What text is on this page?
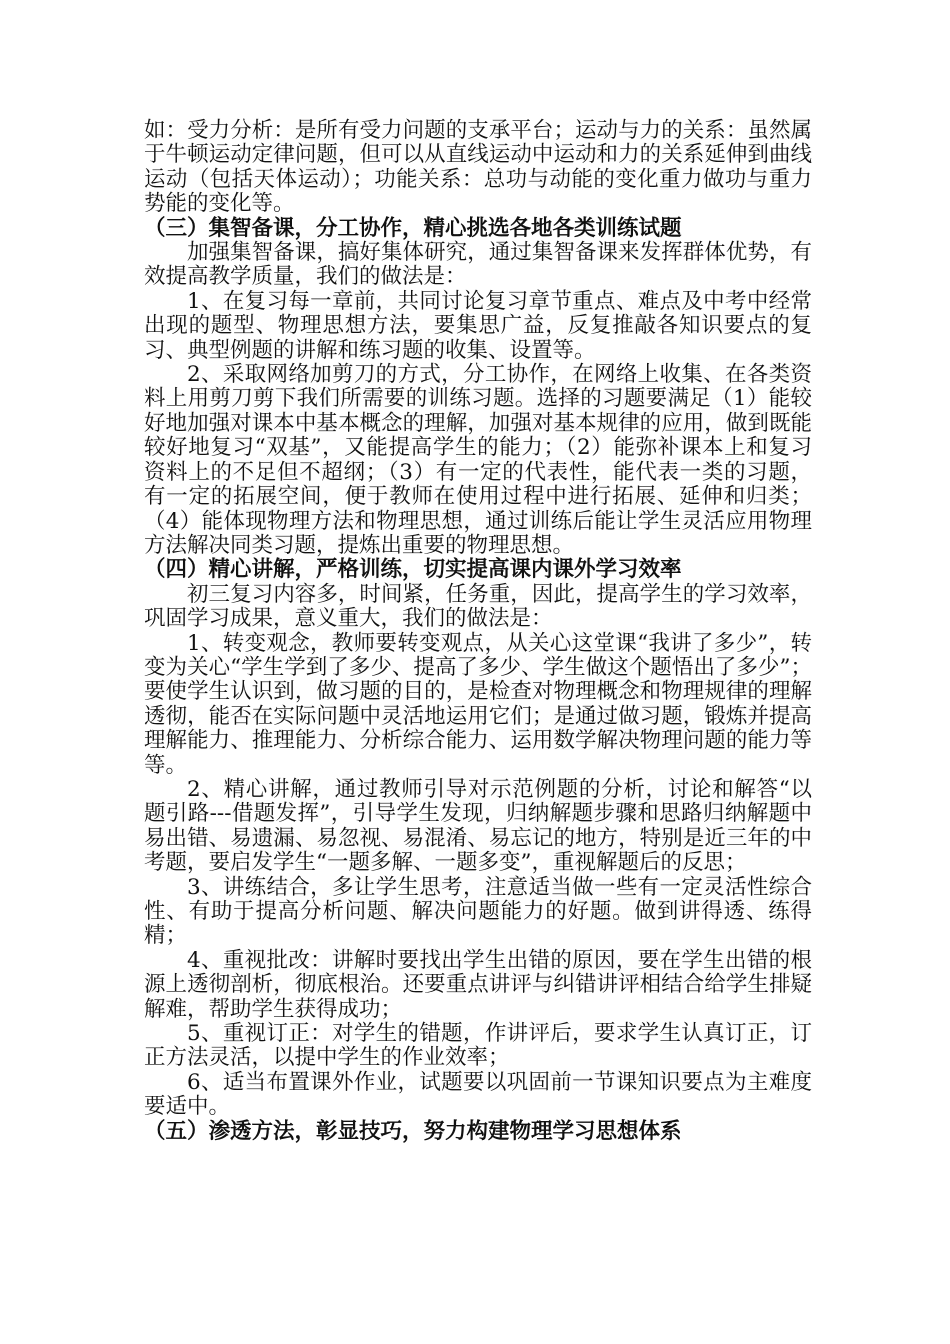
如：受力分析：是所有受力问题的支承平台；运动与力的关系：虽然属于牛顿运动定律问题，但可以从直线运动中运动和力的关系延伸到曲线运动（包括天体运动）；功能关系：总功与动能的变化重力做功与重力势能的变化等。

（三）集智备课，分工协作，精心挑选各地各类训练试题

加强集智备课，搞好集体研究，通过集智备课来发挥群体优势，有效提高教学质量，我们的做法是：

1、在复习每一章前，共同讨论复习章节重点、难点及中考中经常出现的题型、物理思想方法，要集思广益，反复推敲各知识要点的复习、典型例题的讲解和练习题的收集、设置等。

2、采取网络加剪刀的方式，分工协作，在网络上收集、在各类资料上用剪刀剪下我们所需要的训练习题。选择的习题要满足（1）能较好地加强对课本中基本概念的理解，加强对基本规律的应用，做到既能较好地复习“双基”，又能提高学生的能力；（2）能弥补课本上和复习资料上的不足但不超纲；（3）有一定的代表性，能代表一类的习题，有一定的拓展空间，便于教师在使用过程中进行拓展、延伸和归类；（4）能体现物理方法和物理思想，通过训练后能让学生灵活应用物理方法解决同类习题，提炼出重要的物理思想。

（四）精心讲解，严格训练，切实提高课内课外学习效率

初三复习内容多，时间紧，任务重，因此，提高学生的学习效率，巩固学习成果，意义重大，我们的做法是：

1、转变观念，教师要转变观点，从关心这堂课“我讲了多少”，转变为关心“学生学到了多少、提高了多少、学生做这个题悟出了多少”；要使学生认识到，做习题的目的，是检查对物理概念和物理规律的理解透彻，能否在实际问题中灵活地运用它们；是通过做习题，锻炼并提高理解能力、推理能力、分析综合能力、运用数学解决物理问题的能力等等。

2、精心讲解，通过教师引导对示范例题的分析，讨论和解答“以题引路---借题发挥”，引导学生发现，归纳解题步骤和思路归纳解题中易出错、易遗漏、易忽视、易混淆、易忘记的地方，特别是近三年的中考题，要启发学生“一题多解、一题多变”，重视解题后的反思；

3、讲练结合，多让学生思考，注意适当做一些有一定灵活性综合性、有助于提高分析问题、解决问题能力的好题。做到讲得透、练得精；

4、重视批改：讲解时要找出学生出错的原因，要在学生出错的根源上透彻剖析，彻底根治。还要重点讲评与纠错讲评相结合给学生排疑解难，帮助学生获得成功；

5、重视订正：对学生的错题，作讲评后，要求学生认真订正，订正方法灵活，以提中学生的作业效率；

6、适当布置课外作业，试题要以巩固前一节课知识要点为主难度要适中。

（五）渗透方法，彰显技巧，努力构建物理学习思想体系
